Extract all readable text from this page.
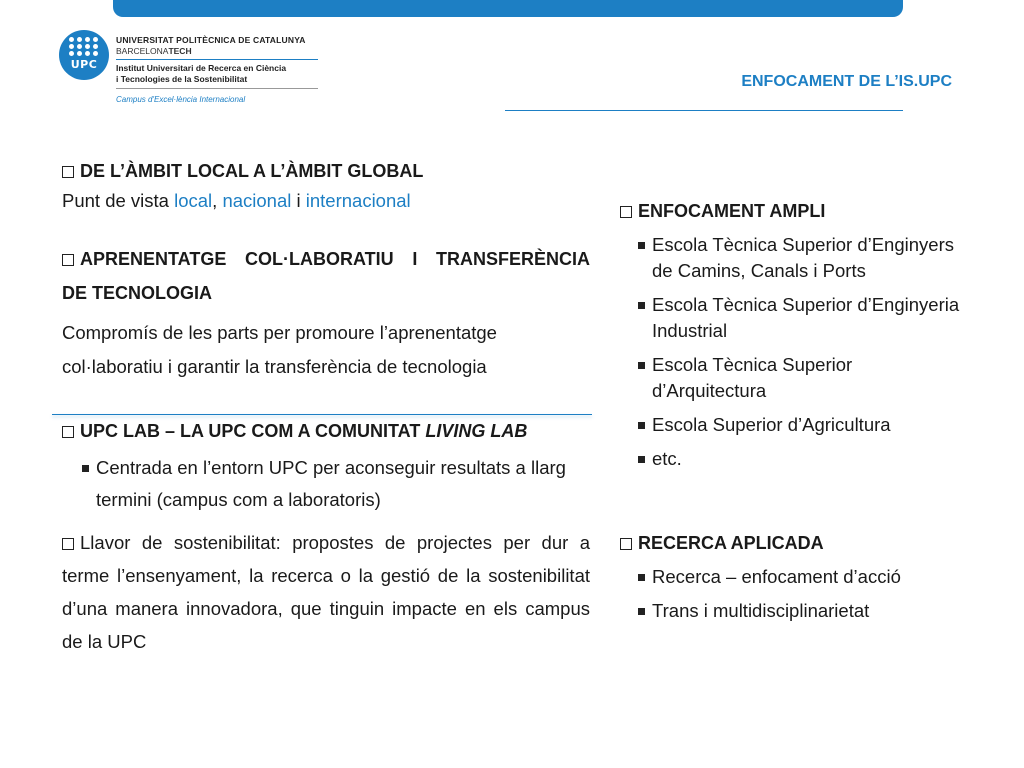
UPC
UNIVERSITAT POLITÈCNICA DE CATALUNYA
BARCELONATECH
Institut Universitari de Recerca en Ciència
i Tecnologies de la Sostenibilitat
Campus d'Excel·lència Internacional
ENFOCAMENT DE L’IS.UPC
DE L’ÀMBIT LOCAL A L’ÀMBIT GLOBAL
Punt de vista local, nacional i internacional
APRENENTATGE COL·LABORATIU I TRANSFERÈNCIA
DE TECNOLOGIA
Compromís de les parts per promoure l’aprenentatge col·laboratiu i garantir la transferència de tecnologia
UPC LAB – LA UPC COM A COMUNITAT LIVING LAB
Centrada en l’entorn UPC per aconseguir resultats a llarg termini (campus com a laboratoris)
Llavor de sostenibilitat: propostes de projectes per dur a terme l’ensenyament, la recerca o la gestió de la sostenibilitat d’una manera innovadora, que tinguin impacte en els campus de la UPC
ENFOCAMENT AMPLI
Escola Tècnica Superior d’Enginyers de Camins, Canals i Ports
Escola Tècnica Superior d’Enginyeria Industrial
Escola Tècnica Superior d’Arquitectura
Escola Superior d’Agricultura
etc.
RECERCA APLICADA
Recerca – enfocament d’acció
Trans i multidisciplinarietat
